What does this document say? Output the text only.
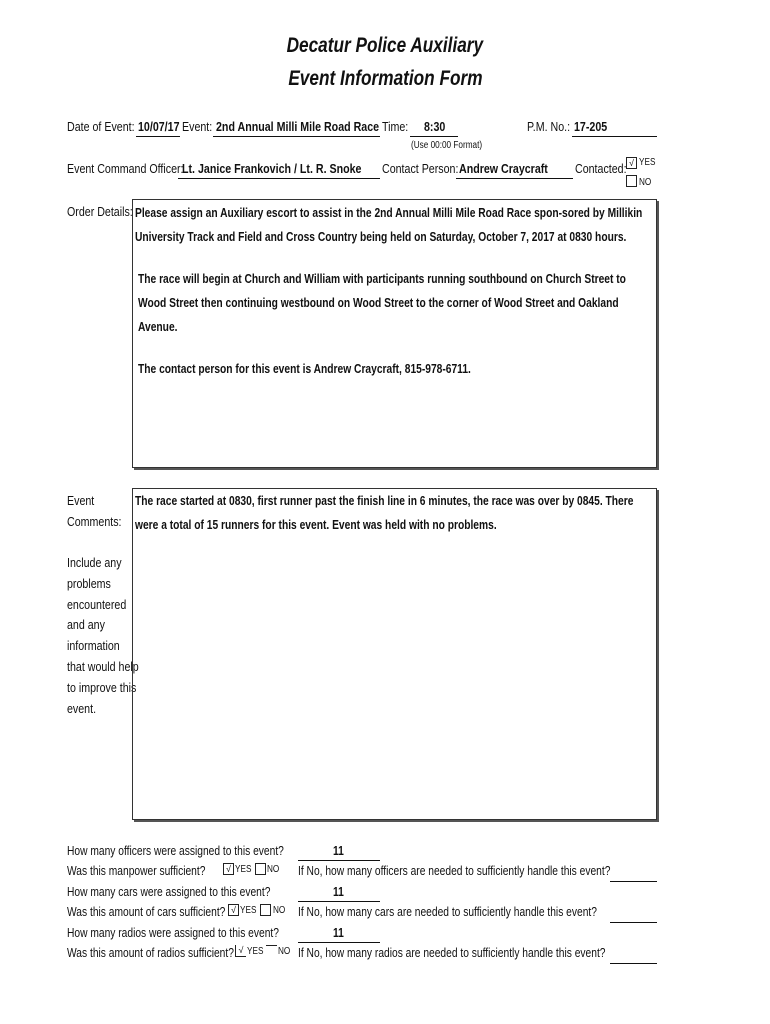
Decatur Police Auxiliary
Event Information Form
Date of Event: 10/07/17 Event: 2nd Annual Milli Mile Road Race Time:	8:30
(Use 00:00 Format)
P.M. No.: 17-205
Event Command Officer:
Lt. Janice Frankovich / Lt. R. Snoke	Contact Person: Andrew Craycraft	Contacted: √ YES
NO
Order Details: Please assign an Auxiliary escort to assist in the 2nd Annual Milli Mile Road Race spon-sored by Millikin University Track and Field and Cross Country being held on Saturday, October 7, 2017 at 0830 hours.

The race will begin at Church and William with participants running southbound on Church Street to Wood Street then continuing westbound on Wood Street to the corner of Wood Street and Oakland Avenue.

The contact person for this event is Andrew Craycraft, 815-978-6711.

Event
Comments:
Include any
problems
encountered
and any
information
that would help
to improve this
event.

The race started at 0830, first runner past the finish line in 6 minutes, the race was over by 0845. There were a total of 15 runners for this event. Event was held with no problems.

How many officers were assigned to this event?	11
Was this manpower sufficient?	√ YES	NO If No, how many officers are needed to sufficiently handle this event?
How many cars were assigned to this event?	11
Was this amount of cars sufficient? √ YES	NO If No, how many cars are needed to sufficiently handle this event?
How many radios were assigned to this event?	11
Was this amount of radios sufficient? √ YES	NO If No, how many radios are needed to sufficiently handle this event?
